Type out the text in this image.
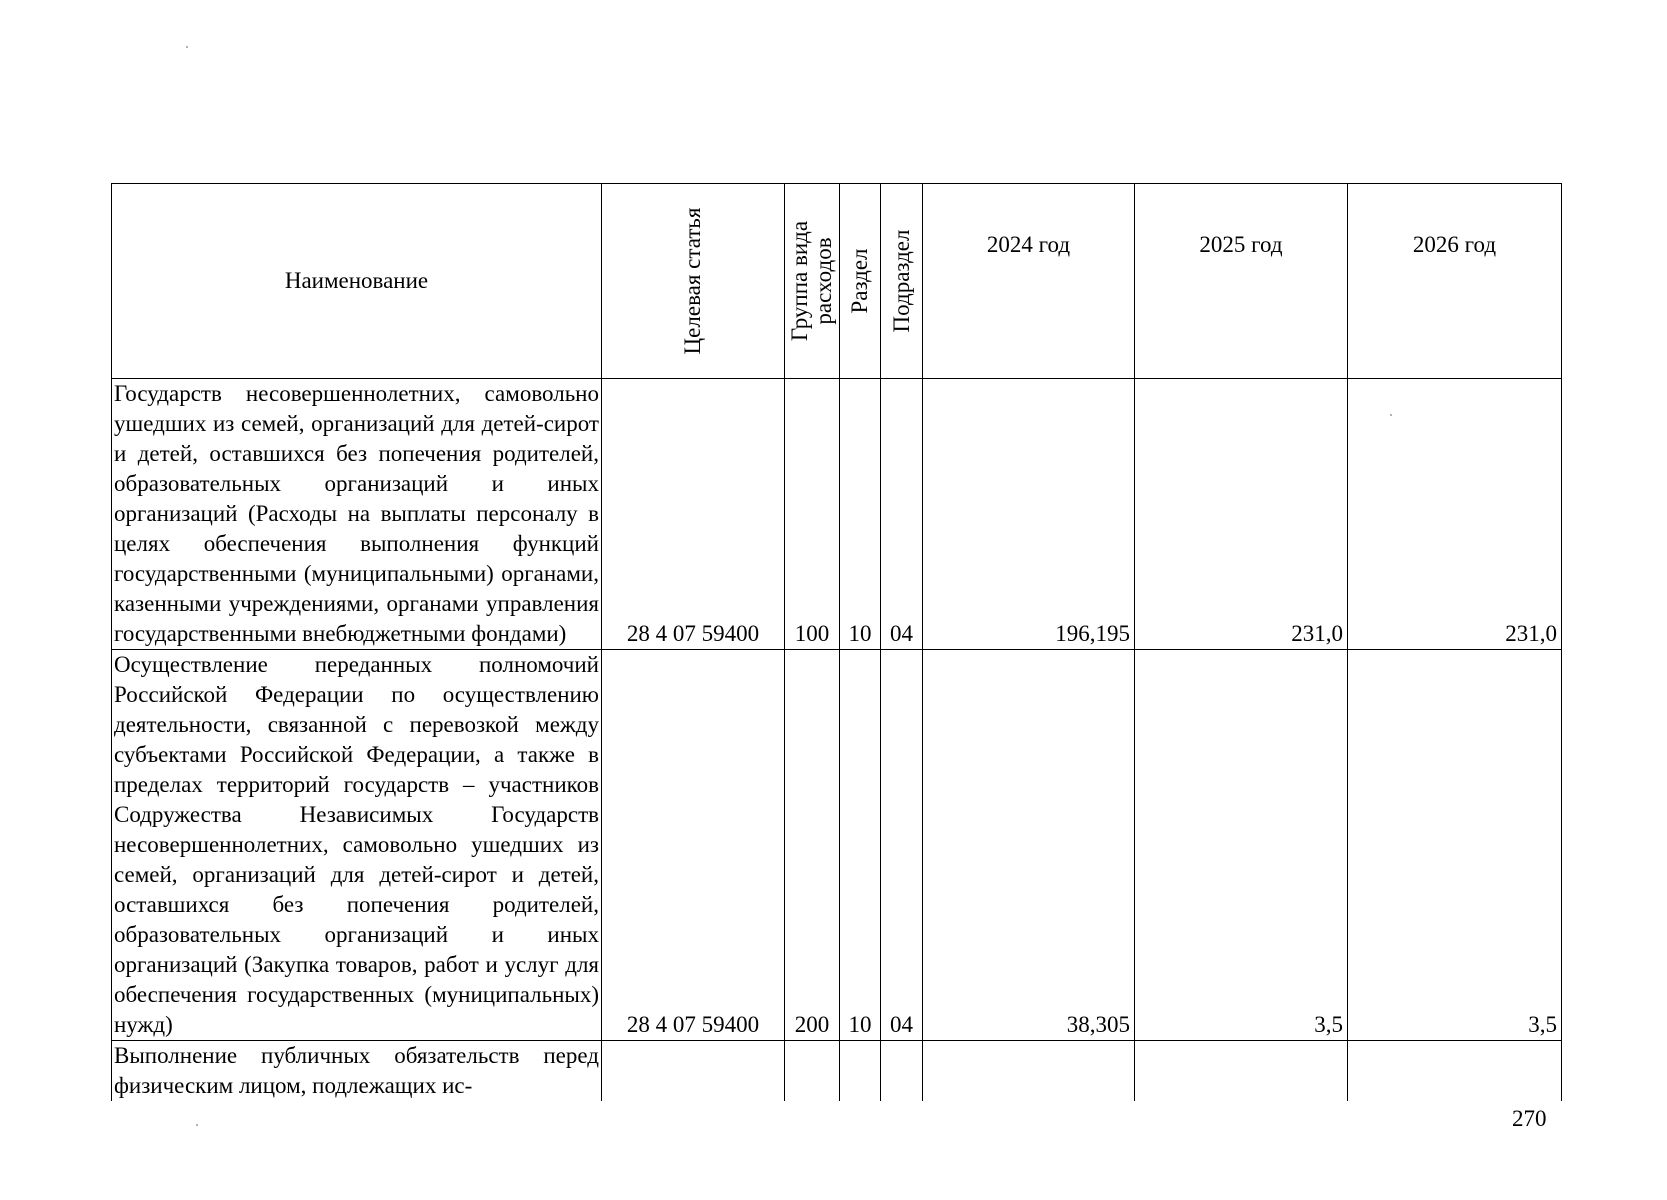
Наименование	Целевая статья	Группа вида расходов	Раздел	Подраздел	2024 год	2025 год	2026 год
Государств несовершеннолетних, самовольно ушедших из семей, организаций для детей-сирот и детей, оставшихся без попечения родителей, образовательных организаций и иных организаций (Расходы на выплаты персоналу в целях обеспечения выполнения функций государственными (муниципальными) органами, казенными учреждениями, органами управления государственными внебюджетными фондами)	28 4 07 59400	100	10	04	196,195	231,0	231,0
Осуществление переданных полномочий Российской Федерации по осуществлению деятельности, связанной с перевозкой между субъектами Российской Федерации, а также в пределах территорий государств – участников Содружества Независимых Государств несовершеннолетних, самовольно ушедших из семей, организаций для детей-сирот и детей, оставшихся без попечения родителей, образовательных организаций и иных организаций (Закупка товаров, работ и услуг для обеспечения государственных (муниципальных) нужд)	28 4 07 59400	200	10	04	38,305	3,5	3,5
Выполнение публичных обязательств перед физическим лицом, подлежащих ис-							
270
